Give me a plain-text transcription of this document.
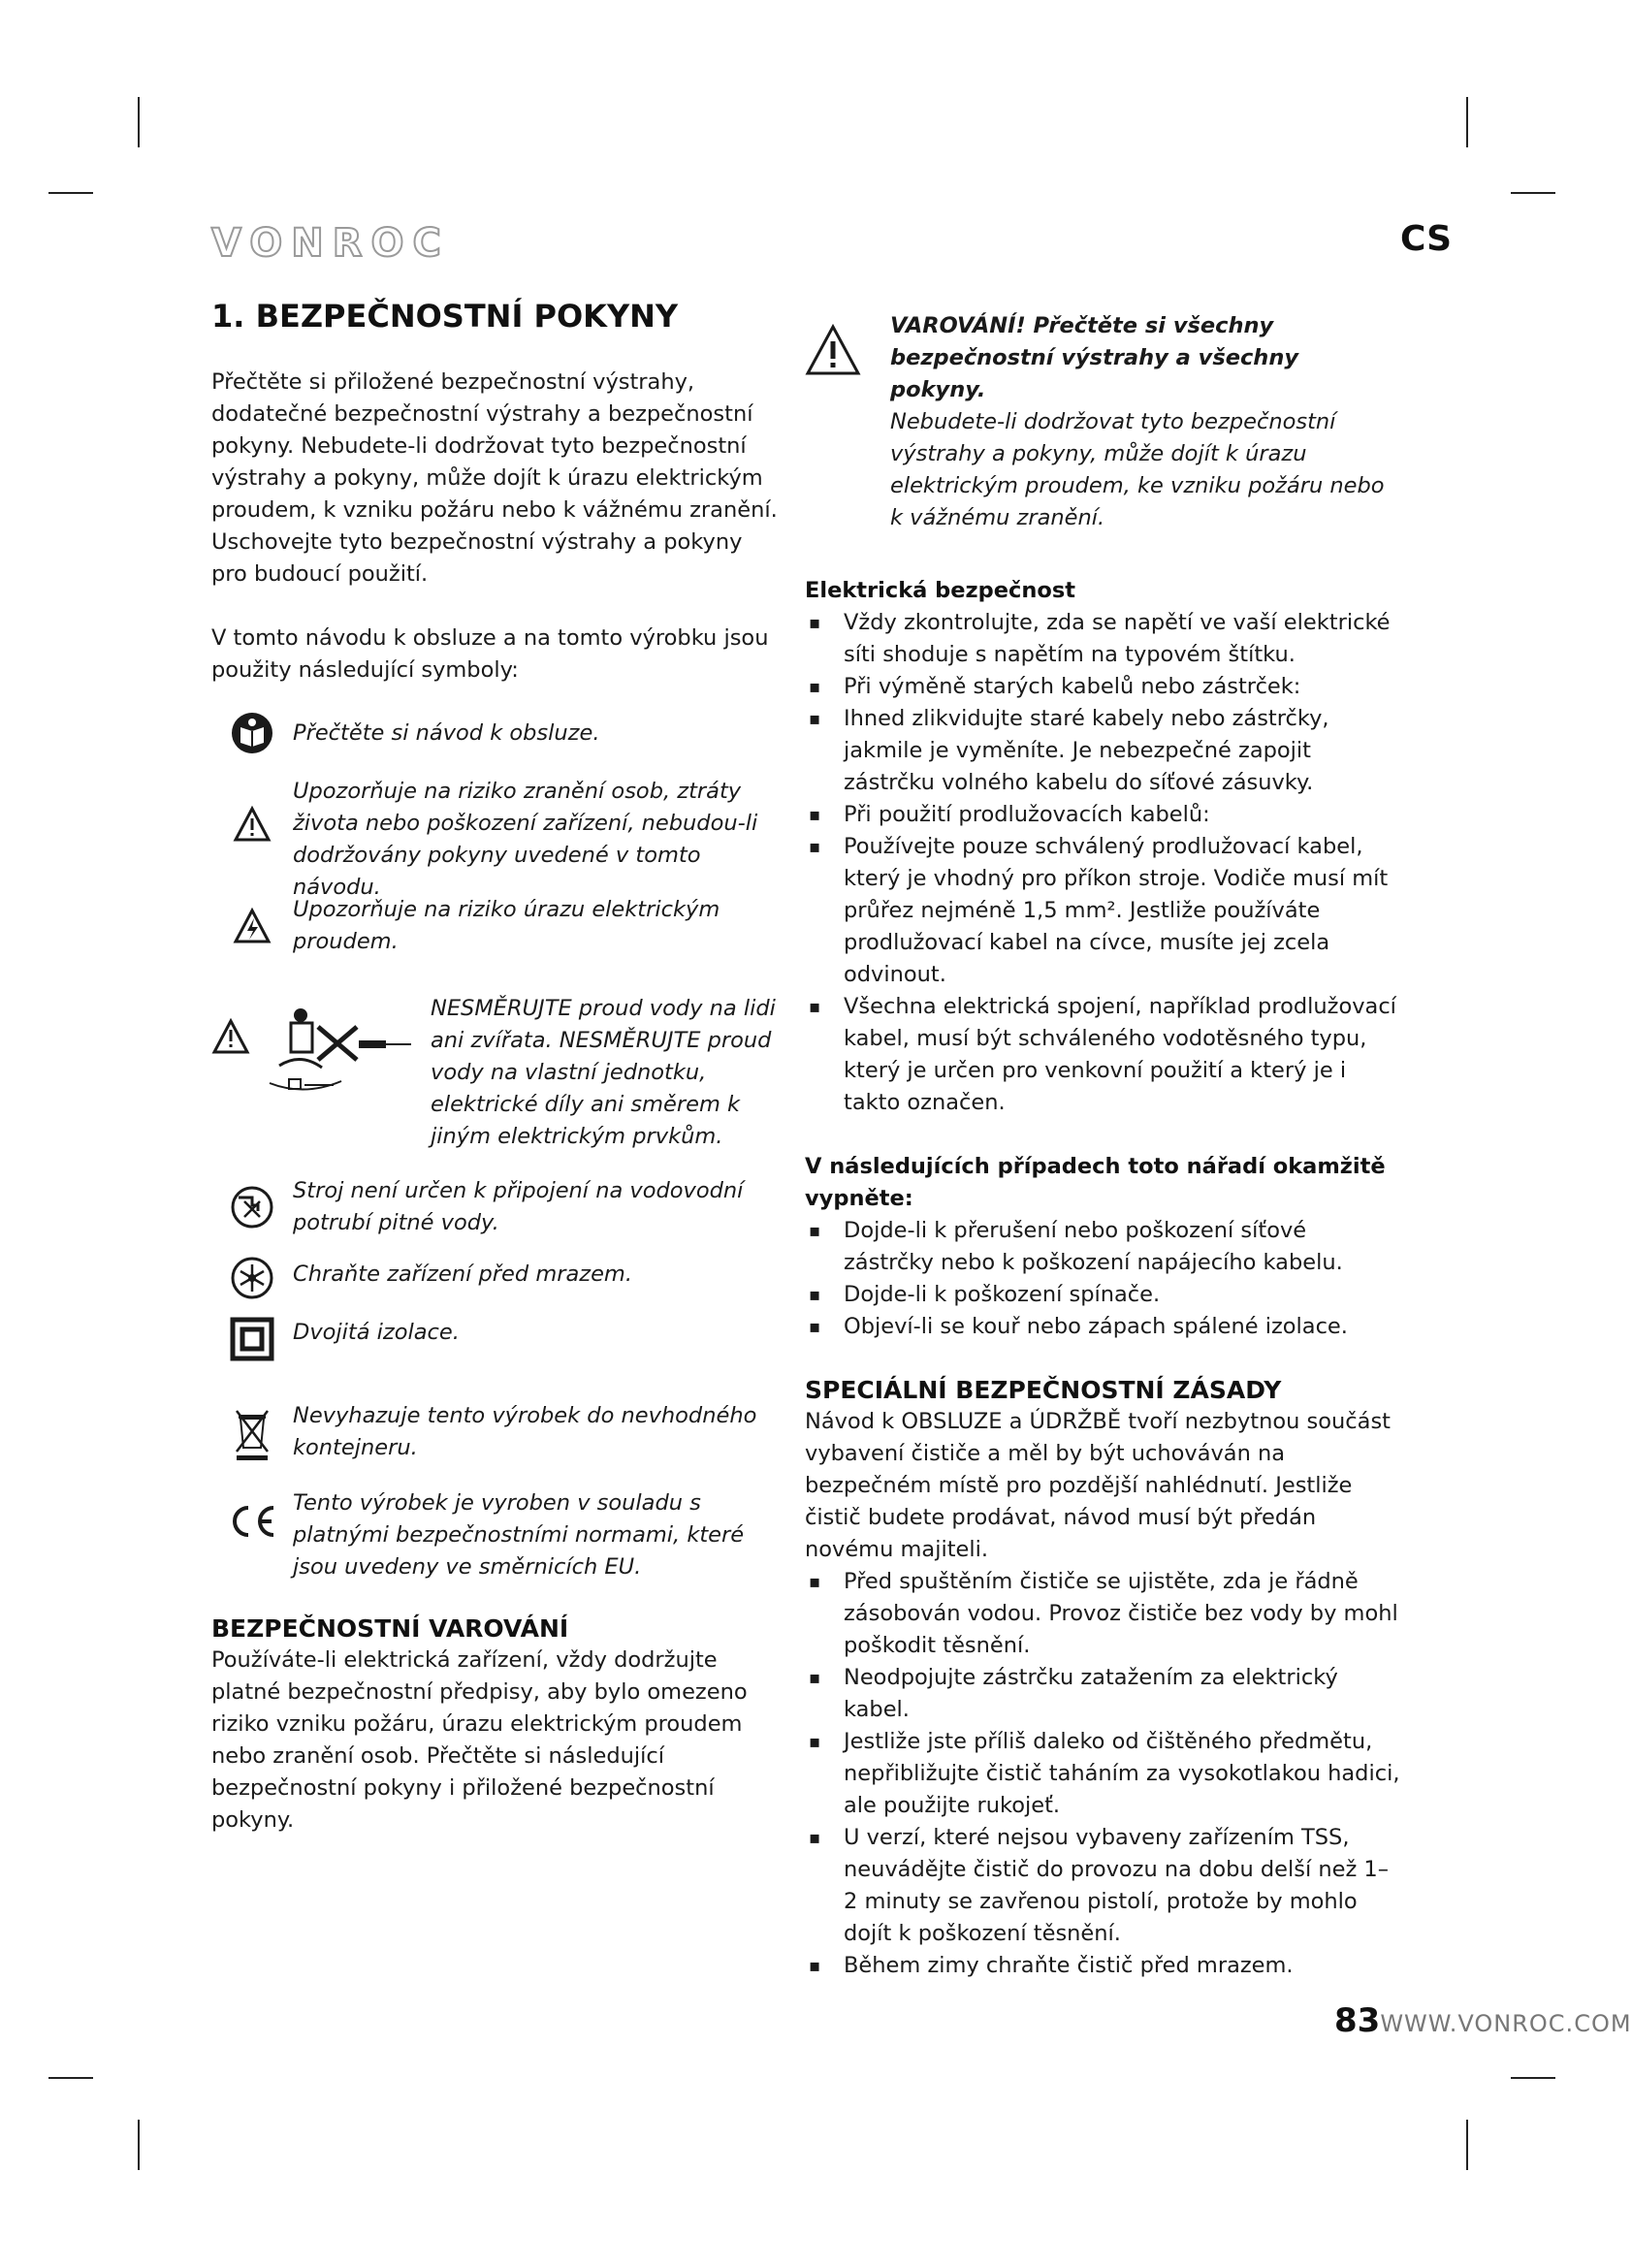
VONROC	CS
1. BEZPEČNOSTNÍ POKYNY

Přečtěte si přiložené bezpečnostní výstrahy, dodatečné bezpečnostní výstrahy a bezpečnostní pokyny. Nebudete-li dodržovat tyto bezpečnostní výstrahy a pokyny, může dojít k úrazu elektrickým proudem, k vzniku požáru nebo k vážnému zranění. Uschovejte tyto bezpečnostní výstrahy a pokyny pro budoucí použití.

V tomto návodu k obsluze a na tomto výrobku jsou použity následující symboly:

Přečtěte si návod k obsluze.
Upozorňuje na riziko zranění osob, ztráty života nebo poškození zařízení, nebudou-li dodržovány pokyny uvedené v tomto návodu.
Upozorňuje na riziko úrazu elektrickým proudem.
NESMĚRUJTE proud vody na lidi ani zvířata. NESMĚRUJTE proud vody na vlastní jednotku, elektrické díly ani směrem k jiným elektrickým prvkům.
Stroj není určen k připojení na vodovodní potrubí pitné vody.
Chraňte zařízení před mrazem.
Dvojitá izolace.
Nevyhazuje tento výrobek do nevhodného kontejneru.
Tento výrobek je vyroben v souladu s platnými bezpečnostními normami, které jsou uvedeny ve směrnicích EU.
BEZPEČNOSTNÍ VAROVÁNÍ

Používáte-li elektrická zařízení, vždy dodržujte platné bezpečnostní předpisy, aby bylo omezeno riziko vzniku požáru, úrazu elektrickým proudem nebo zranění osob. Přečtěte si následující bezpečnostní pokyny i přiložené bezpečnostní pokyny.

VAROVÁNÍ! Přečtěte si všechny bezpečnostní výstrahy a všechny pokyny.
Nebudete-li dodržovat tyto bezpečnostní výstrahy a pokyny, může dojít k úrazu elektrickým proudem, ke vzniku požáru nebo k vážnému zranění.
Elektrická bezpečnost
▪ Vždy zkontrolujte, zda se napětí ve vaší elektrické síti shoduje s napětím na typovém štítku.
▪ Při výměně starých kabelů nebo zástrček:
▪ Ihned zlikvidujte staré kabely nebo zástrčky, jakmile je vyměníte. Je nebezpečné zapojit zástrčku volného kabelu do síťové zásuvky.
▪ Při použití prodlužovacích kabelů:
▪ Používejte pouze schválený prodlužovací kabel, který je vhodný pro příkon stroje. Vodiče musí mít průřez nejméně 1,5 mm². Jestliže používáte prodlužovací kabel na cívce, musíte jej zcela odvinout.
▪ Všechna elektrická spojení, například prodlužovací kabel, musí být schváleného vodotěsného typu, který je určen pro venkovní použití a který je i takto označen.
V následujících případech toto nářadí okamžitě vypněte:
▪ Dojde-li k přerušení nebo poškození síťové zástrčky nebo k poškození napájecího kabelu.
▪ Dojde-li k poškození spínače.
▪ Objeví-li se kouř nebo zápach spálené izolace.
SPECIÁLNÍ BEZPEČNOSTNÍ ZÁSADY

Návod k OBSLUZE a ÚDRŽBĚ tvoří nezbytnou součást vybavení čističe a měl by být uchováván na bezpečném místě pro pozdější nahlédnutí. Jestliže čistič budete prodávat, návod musí být předán novému majiteli.

▪ Před spuštěním čističe se ujistěte, zda je řádně zásobován vodou. Provoz čističe bez vody by mohl poškodit těsnění.
▪ Neodpojujte zástrčku zatažením za elektrický kabel.
▪ Jestliže jste příliš daleko od čištěného předmětu, nepřibližujte čistič taháním za vysokotlakou hadici, ale použijte rukojeť.
▪ U verzí, které nejsou vybaveny zařízením TSS, neuvádějte čistič do provozu na dobu delší než 1–2 minuty se zavřenou pistolí, protože by mohlo dojít k poškození těsnění.
▪ Během zimy chraňte čistič před mrazem.
83WWW.VONROC.COM
